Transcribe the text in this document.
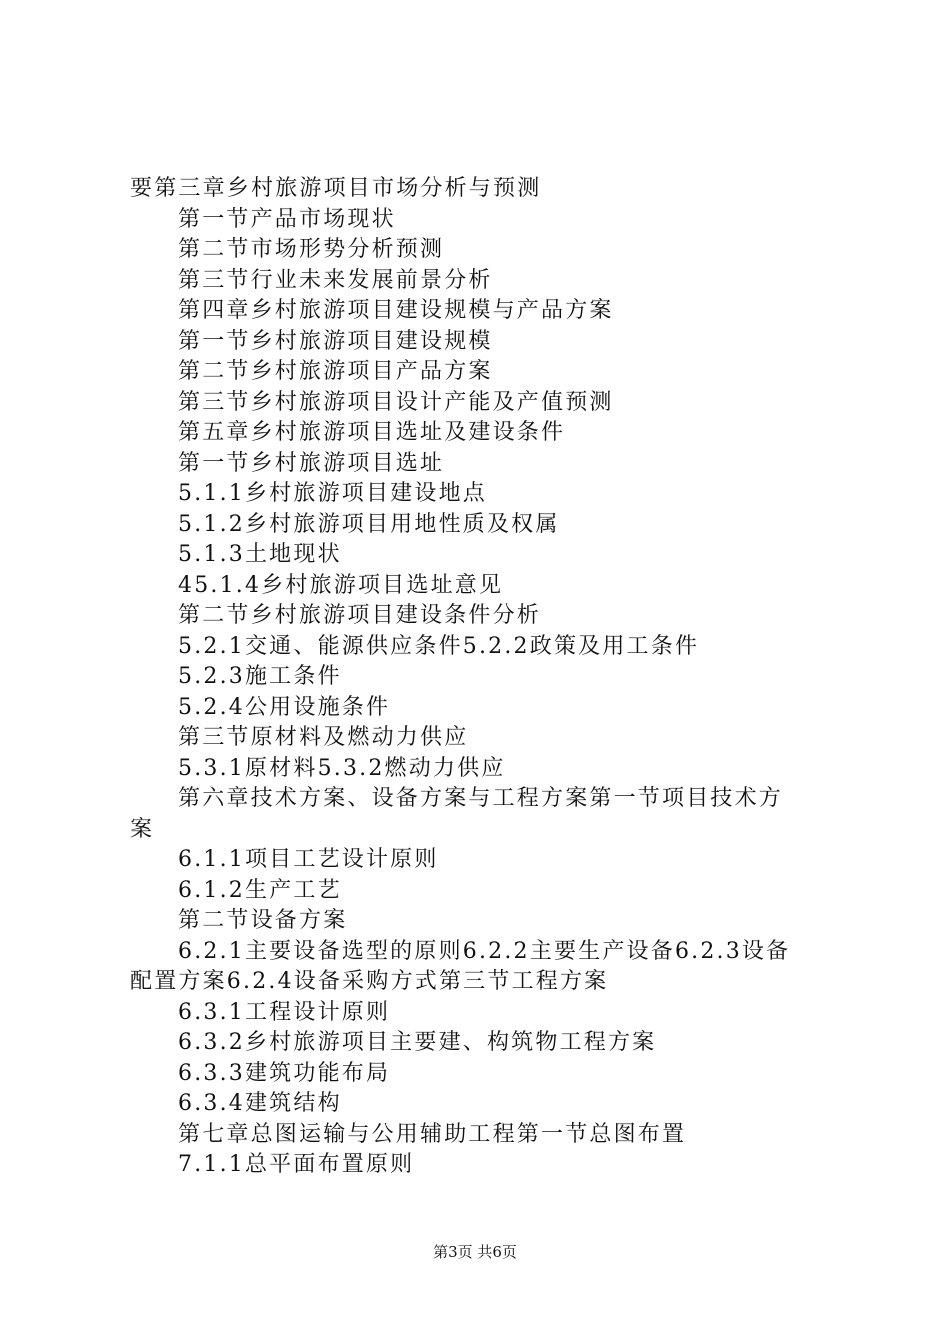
要第三章乡村旅游项目市场分析与预测
第一节产品市场现状
第二节市场形势分析预测
第三节行业未来发展前景分析
第四章乡村旅游项目建设规模与产品方案
第一节乡村旅游项目建设规模
第二节乡村旅游项目产品方案
第三节乡村旅游项目设计产能及产值预测
第五章乡村旅游项目选址及建设条件
第一节乡村旅游项目选址
5.1.1乡村旅游项目建设地点
5.1.2乡村旅游项目用地性质及权属
5.1.3土地现状
45.1.4乡村旅游项目选址意见
第二节乡村旅游项目建设条件分析
5.2.1交通、能源供应条件5.2.2政策及用工条件
5.2.3施工条件
5.2.4公用设施条件
第三节原材料及燃动力供应
5.3.1原材料5.3.2燃动力供应
第六章技术方案、设备方案与工程方案第一节项目技术方
案
6.1.1项目工艺设计原则
6.1.2生产工艺
第二节设备方案
6.2.1主要设备选型的原则6.2.2主要生产设备6.2.3设备
配置方案6.2.4设备采购方式第三节工程方案
6.3.1工程设计原则
6.3.2乡村旅游项目主要建、构筑物工程方案
6.3.3建筑功能布局
6.3.4建筑结构
第七章总图运输与公用辅助工程第一节总图布置
7.1.1总平面布置原则
第3页 共6页
